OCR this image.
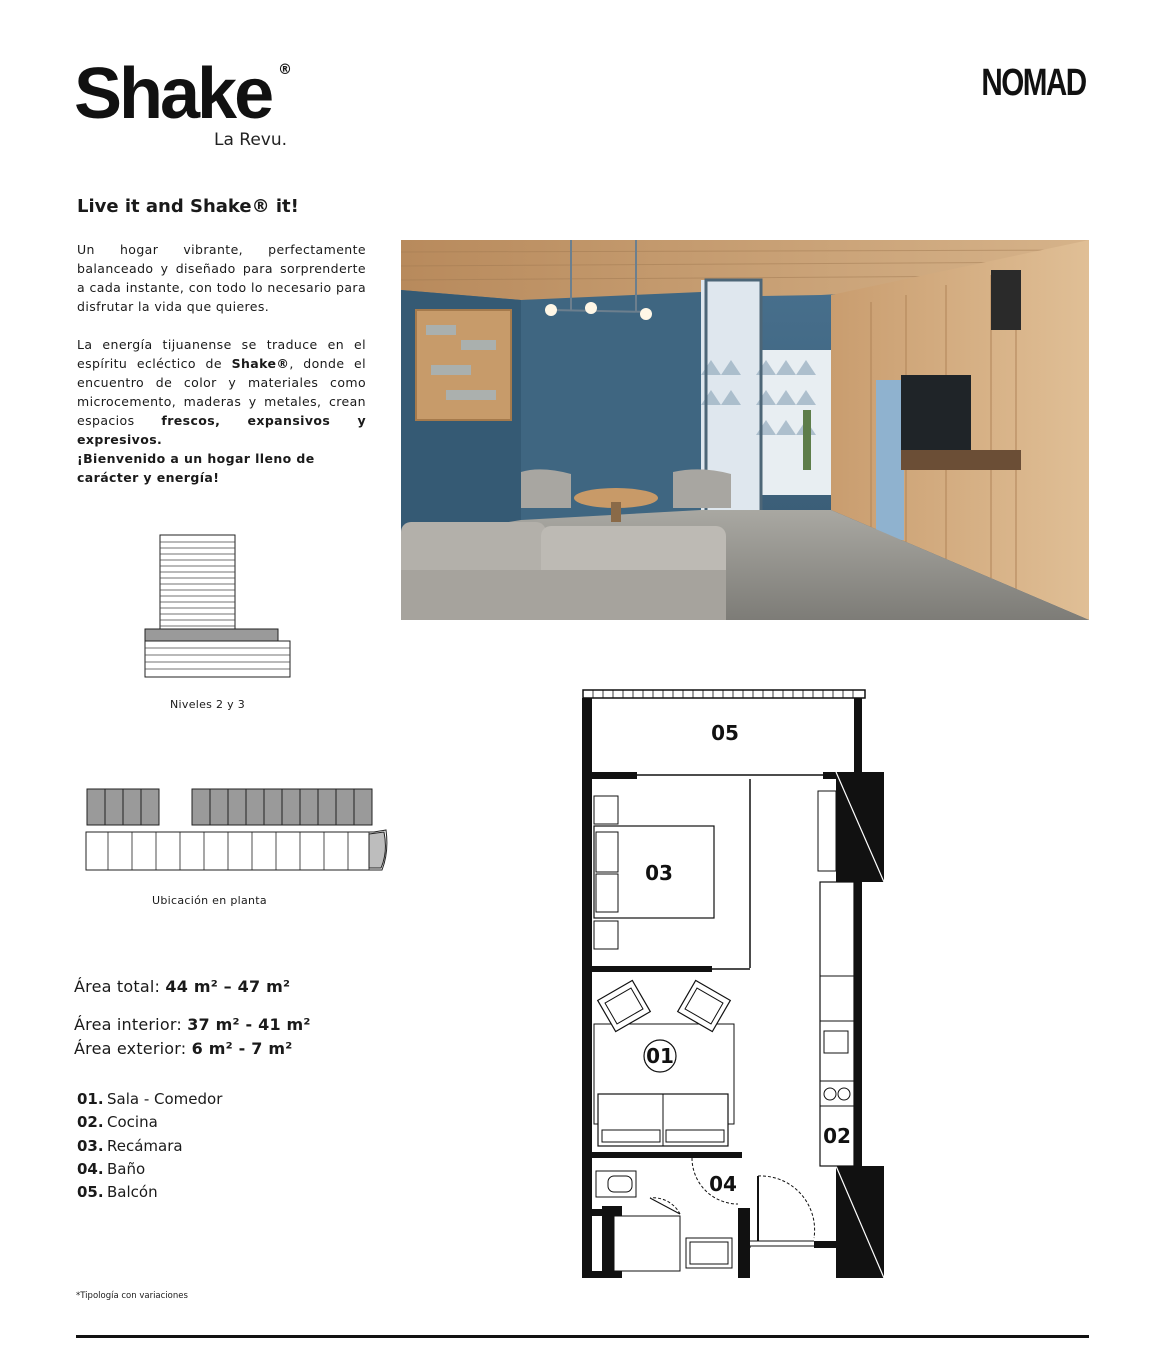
Shake ®
La Revu.
NOMAD
Live it and Shake® it!
Un hogar vibrante, perfectamente balanceado y diseñado para sorprenderte a cada instante, con todo lo necesario para disfrutar la vida que quieres.
La energía tijuanense se traduce en el espíritu ecléctico de Shake®, donde el encuentro de color y materiales como microcemento, maderas y metales, crean espacios frescos, expansivos y expresivos.
¡Bienvenido a un hogar lleno de carácter y energía!
Niveles 2 y 3
Ubicación en planta
Área total: 44 m² – 47 m²
Área interior: 37 m² - 41 m²
Área exterior: 6 m² - 7 m²
01. Sala - Comedor
02. Cocina
03. Recámara
04. Baño
05. Balcón
05
03
01
02
04
*Tipología con variaciones
